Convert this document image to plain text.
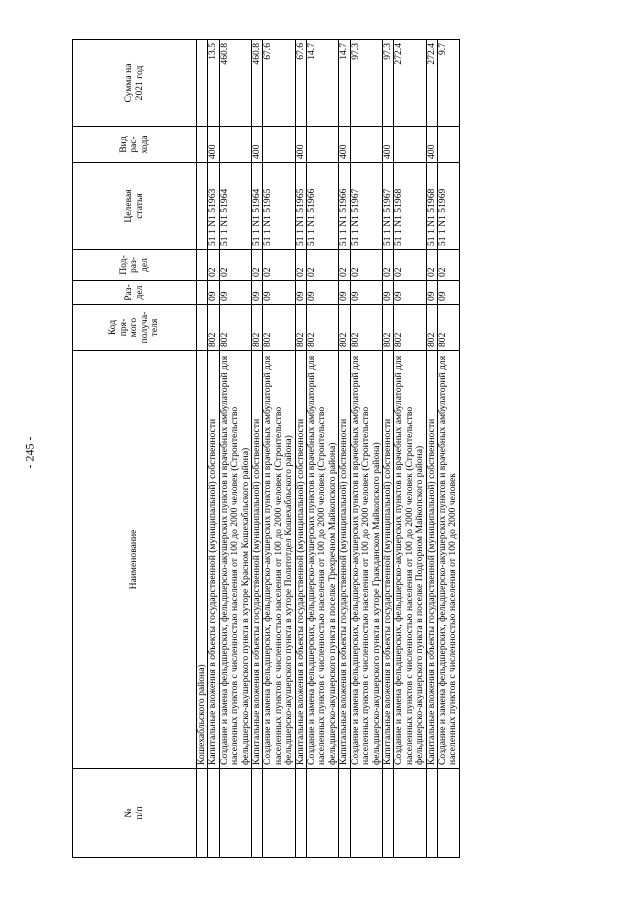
- 245 -
№
п/п	Наименование	Код
пря-
мого
получа-
теля	Раз-
дел	Под-
раз-
дел	Целевая
статья	Вид
рас-
хода	Сумма на
2021 год
	Кошехабльского района)						
	Капитальные вложения в объекты государственной (муниципальной) собственности	802	09	02	51 1 N1 51963	400	13.5
	Создание и замена фельдшерских, фельдшерско-акушерских пунктов и врачебных амбулаторий для населенных пунктов с численностью населения от 100 до 2000 человек (Строительство фельдшерско-акушерского пункта в хуторе Красном Кошехабльского района)	802	09	02	51 1 N1 51964		460.8
	Капитальные вложения в объекты государственной (муниципальной) собственности	802	09	02	51 1 N1 51964	400	460.8
	Создание и замена фельдшерских, фельдшерско-акушерских пунктов и врачебных амбулаторий для населенных пунктов с численностью населения от 100 до 2000 человек (Строительство фельдшерско-акушерского пункта в хуторе Политотдел Кошехабльского района)	802	09	02	51 1 N1 51965		67.6
	Капитальные вложения в объекты государственной (муниципальной) собственности	802	09	02	51 1 N1 51965	400	67.6
	Создание и замена фельдшерских, фельдшерско-акушерских пунктов и врачебных амбулаторий для населенных пунктов с численностью населения от 100 до 2000 человек (Строительство фельдшерско-акушерского пункта в поселке Трехречном Майкопского района)	802	09	02	51 1 N1 51966		14.7
	Капитальные вложения в объекты государственной (муниципальной) собственности	802	09	02	51 1 N1 51966	400	14.7
	Создание и замена фельдшерских, фельдшерско-акушерских пунктов и врачебных амбулаторий для населенных пунктов с численностью населения от 100 до 2000 человек (Строительство фельдшерско-акушерского пункта в хуторе Гражданском Майкопского района)	802	09	02	51 1 N1 51967		97.3
	Капитальные вложения в объекты государственной (муниципальной) собственности	802	09	02	51 1 N1 51967	400	97.3
	Создание и замена фельдшерских, фельдшерско-акушерских пунктов и врачебных амбулаторий для населенных пунктов с численностью населения от 100 до 2000 человек (Строительство фельдшерско-акушерского пункта в поселке Подгорном Майкопского района)	802	09	02	51 1 N1 51968		272.4
	Капитальные вложения в объекты государственной (муниципальной) собственности	802	09	02	51 1 N1 51968	400	272.4
	Создание и замена фельдшерских, фельдшерско-акушерских пунктов и врачебных амбулаторий для населенных пунктов с численностью населения от 100 до 2000 человек	802	09	02	51 1 N1 51969		9.7
